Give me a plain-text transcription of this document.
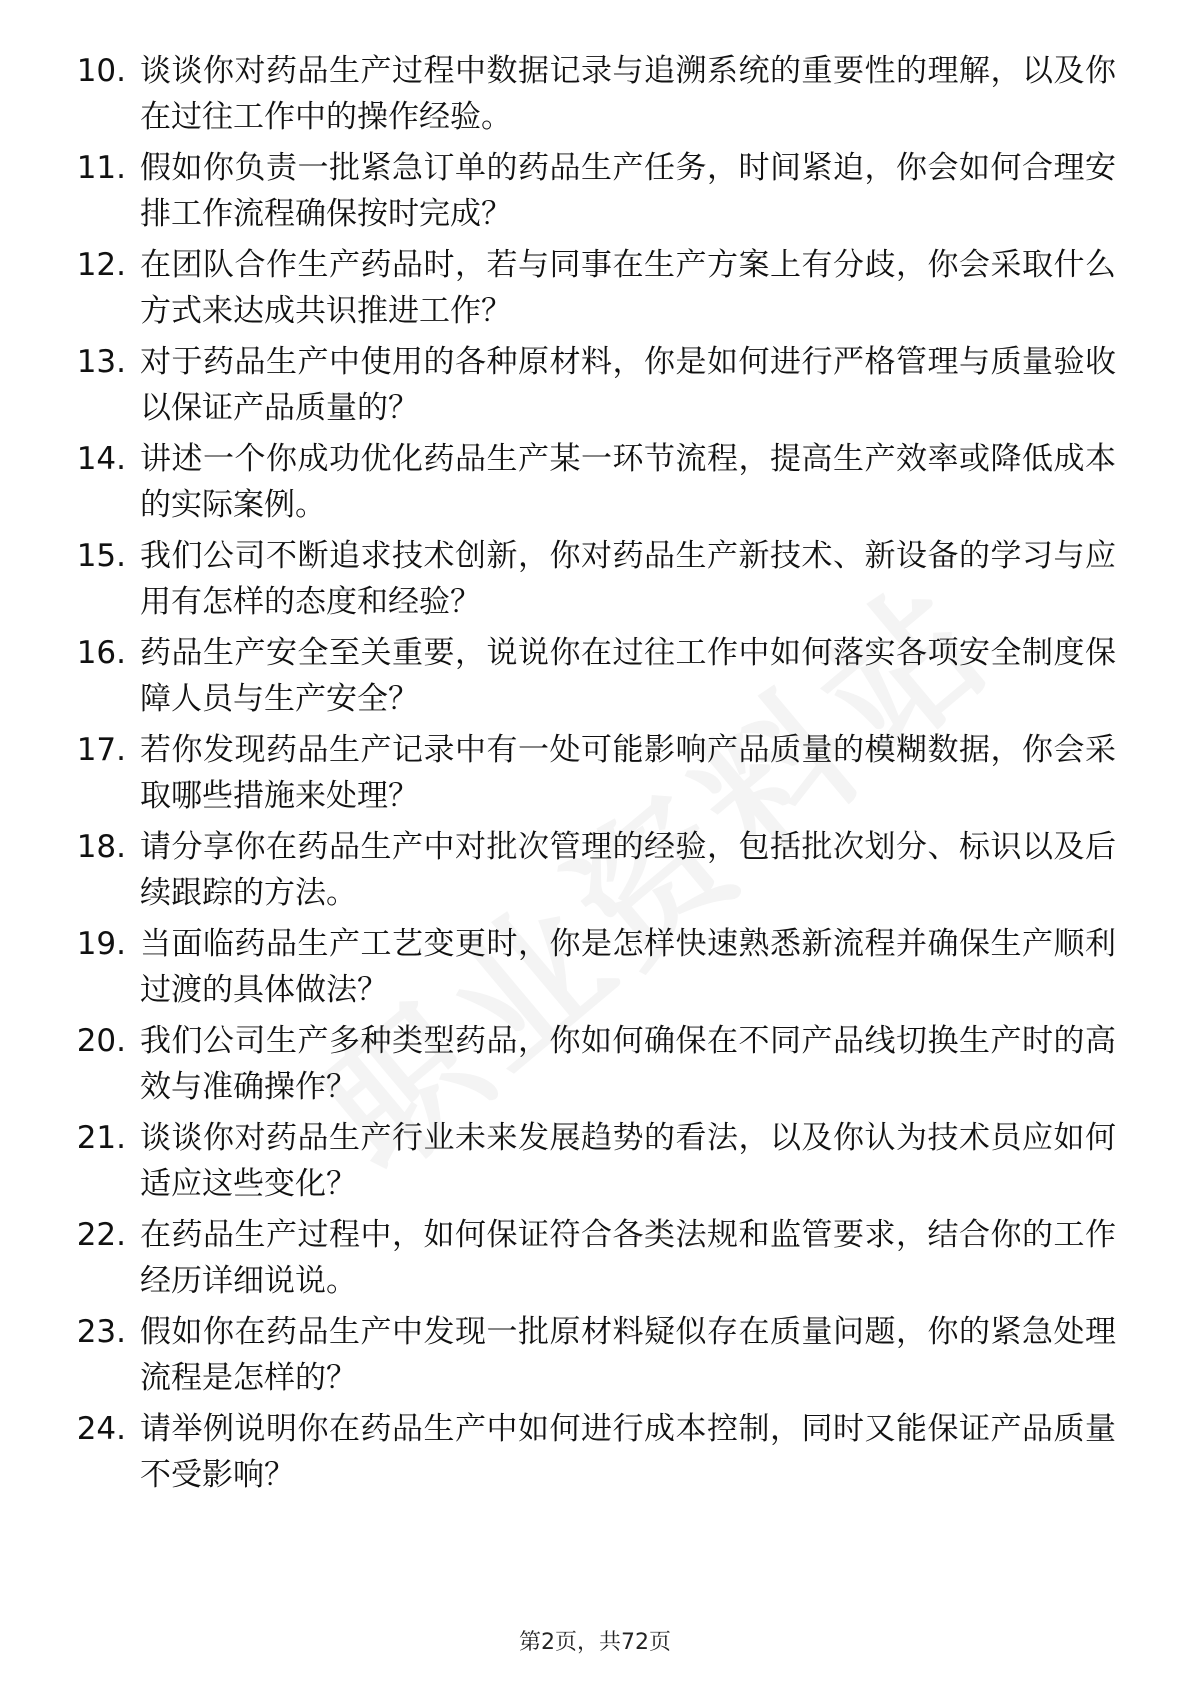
10. 谈谈你对药品生产过程中数据记录与追溯系统的重要性的理解，以及你在过往工作中的操作经验。
11. 假如你负责一批紧急订单的药品生产任务，时间紧迫，你会如何合理安排工作流程确保按时完成？
12. 在团队合作生产药品时，若与同事在生产方案上有分歧，你会采取什么方式来达成共识推进工作？
13. 对于药品生产中使用的各种原材料，你是如何进行严格管理与质量验收以保证产品质量的？
14. 讲述一个你成功优化药品生产某一环节流程，提高生产效率或降低成本的实际案例。
15. 我们公司不断追求技术创新，你对药品生产新技术、新设备的学习与应用有怎样的态度和经验？
16. 药品生产安全至关重要，说说你在过往工作中如何落实各项安全制度保障人员与生产安全？
17. 若你发现药品生产记录中有一处可能影响产品质量的模糊数据，你会采取哪些措施来处理？
18. 请分享你在药品生产中对批次管理的经验，包括批次划分、标识以及后续跟踪的方法。
19. 当面临药品生产工艺变更时，你是怎样快速熟悉新流程并确保生产顺利过渡的具体做法？
20. 我们公司生产多种类型药品，你如何确保在不同产品线切换生产时的高效与准确操作？
21. 谈谈你对药品生产行业未来发展趋势的看法，以及你认为技术员应如何适应这些变化？
22. 在药品生产过程中，如何保证符合各类法规和监管要求，结合你的工作经历详细说说。
23. 假如你在药品生产中发现一批原材料疑似存在质量问题，你的紧急处理流程是怎样的？
24. 请举例说明你在药品生产中如何进行成本控制，同时又能保证产品质量不受影响？
第2页，共72页
